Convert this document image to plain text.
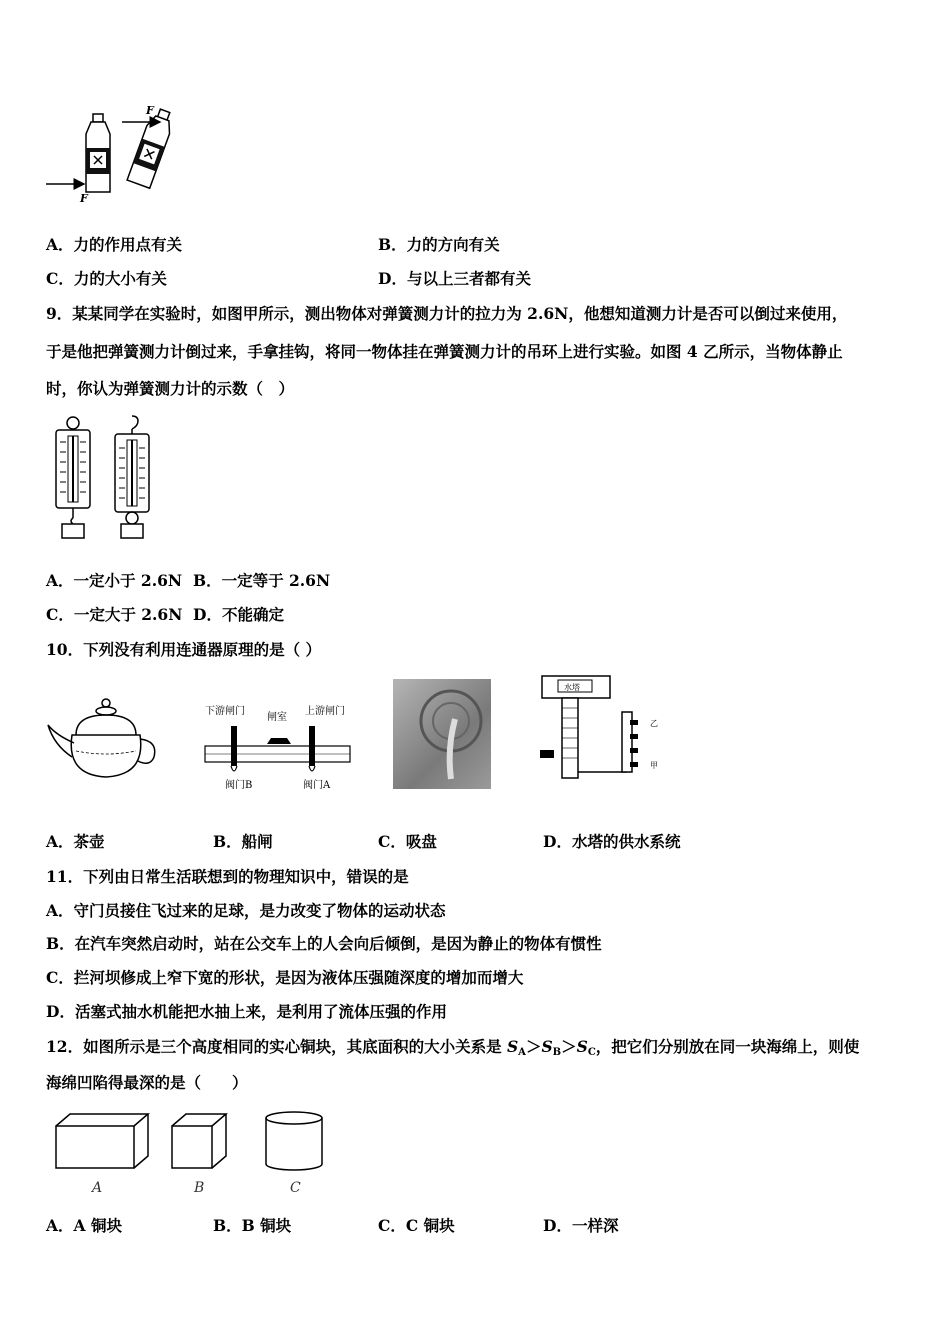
F
F
A．力的作用点有关	B．力的方向有关
C．力的大小有关	D．与以上三者都有关
9．某某同学在实验时，如图甲所示，测出物体对弹簧测力计的拉力为 2.6N，他想知道测力计是否可以倒过来使用，
于是他把弹簧测力计倒过来，手拿挂钩，将同一物体挂在弹簧测力计的吊环上进行实验。如图 4 乙所示，当物体静止
时，你认为弹簧测力计的示数（　）
A．一定小于 2.6N B．一定等于 2.6N
C．一定大于 2.6N D．不能确定
10．下列没有利用连通器原理的是（ ）
下游闸门
闸室
上游闸门
阀门B	阀门A
水塔
乙
甲
A．茶壶	B．船闸	C．吸盘	D．水塔的供水系统
11．下列由日常生活联想到的物理知识中，错误的是
A．守门员接住飞过来的足球，是力改变了物体的运动状态
B．在汽车突然启动时，站在公交车上的人会向后倾倒，是因为静止的物体有惯性
C．拦河坝修成上窄下宽的形状，是因为液体压强随深度的增加而增大
D．活塞式抽水机能把水抽上来，是利用了流体压强的作用
12．如图所示是三个高度相同的实心铜块，其底面积的大小关系是 $S_A>S_B>S_C$，把它们分别放在同一块海绵上，则使
海绵凹陷得最深的是（　　）
A	B	C
A．A 铜块	B．B 铜块	C．C 铜块	D．一样深
